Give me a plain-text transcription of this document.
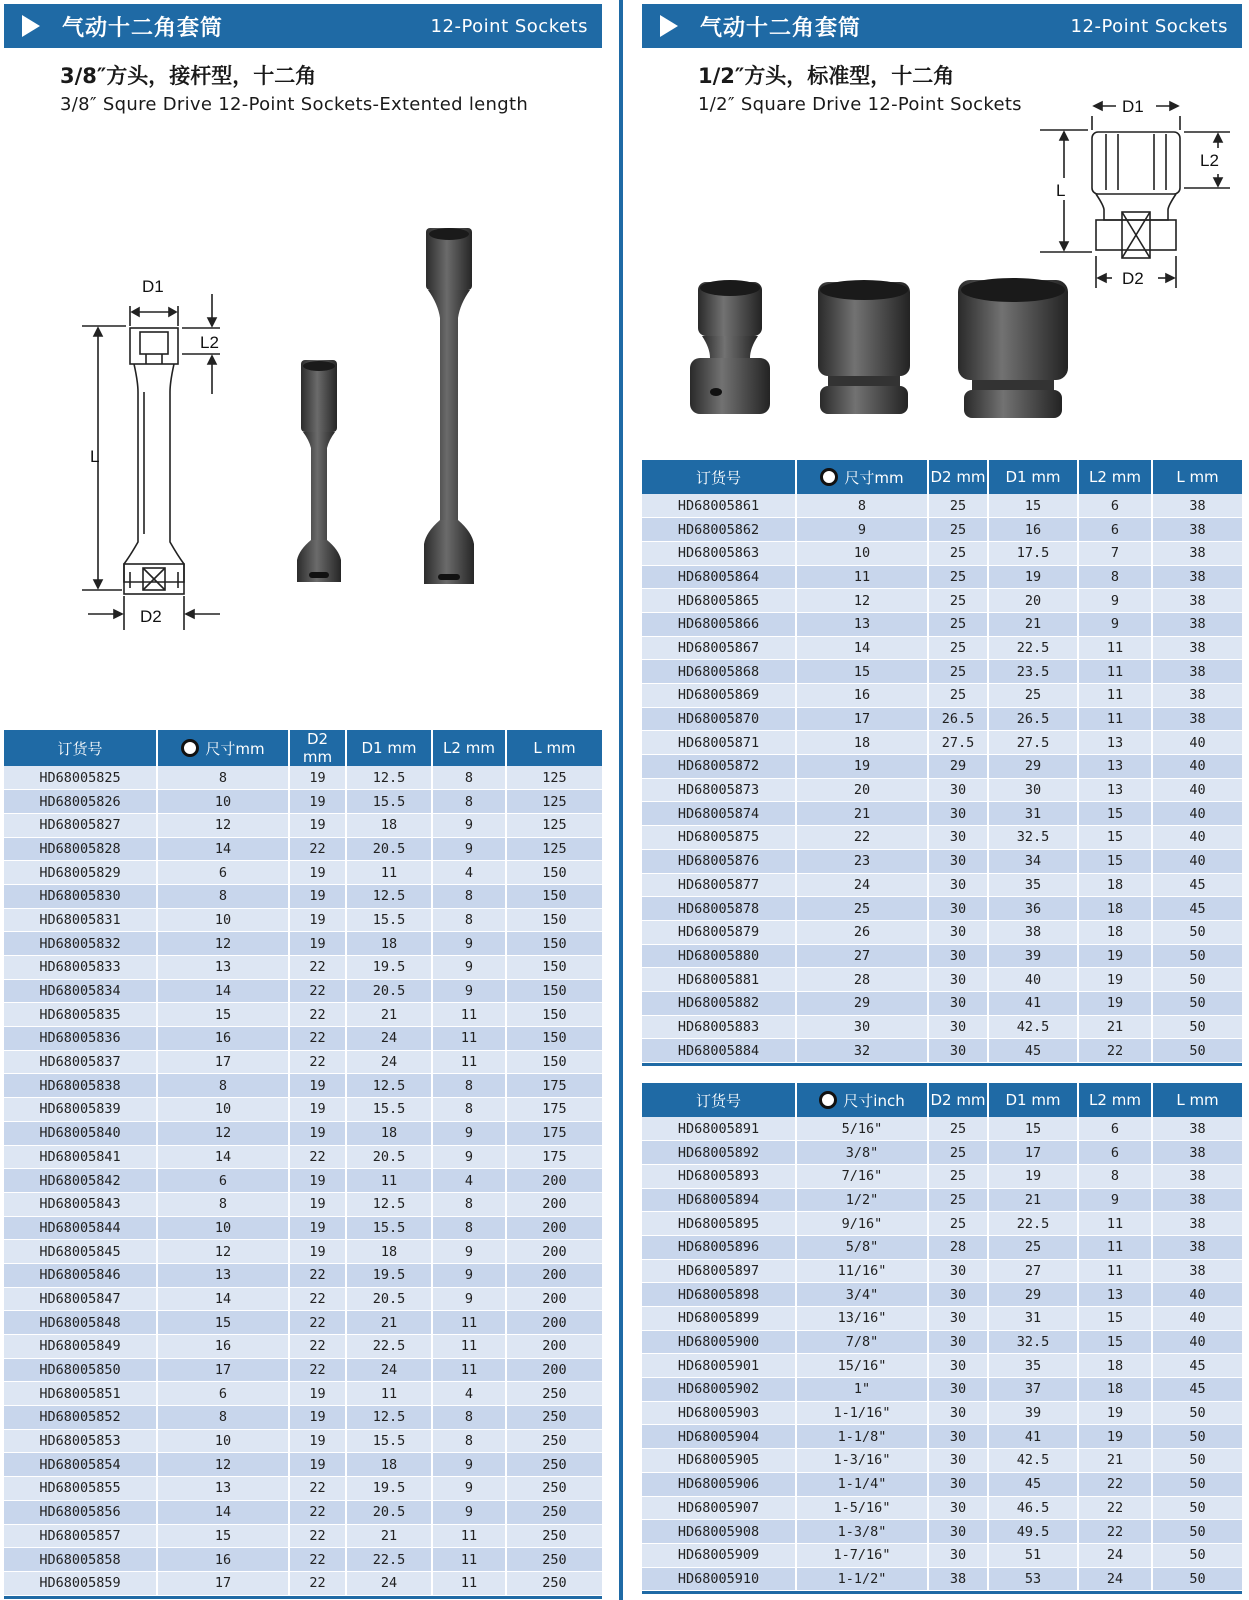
气动十二角套筒	12-Point Sockets
3/8″方头，接杆型，十二角
3/8″ Squre Drive 12-Point Sockets-Extented length
D1
L2
L
D2
订货号	尺寸mm	D2 mm	D1 mm	L2 mm	L mm
HD68005825	8	19	12.5	8	125
HD68005826	10	19	15.5	8	125
HD68005827	12	19	18	9	125
HD68005828	14	22	20.5	9	125
HD68005829	6	19	11	4	150
HD68005830	8	19	12.5	8	150
HD68005831	10	19	15.5	8	150
HD68005832	12	19	18	9	150
HD68005833	13	22	19.5	9	150
HD68005834	14	22	20.5	9	150
HD68005835	15	22	21	11	150
HD68005836	16	22	24	11	150
HD68005837	17	22	24	11	150
HD68005838	8	19	12.5	8	175
HD68005839	10	19	15.5	8	175
HD68005840	12	19	18	9	175
HD68005841	14	22	20.5	9	175
HD68005842	6	19	11	4	200
HD68005843	8	19	12.5	8	200
HD68005844	10	19	15.5	8	200
HD68005845	12	19	18	9	200
HD68005846	13	22	19.5	9	200
HD68005847	14	22	20.5	9	200
HD68005848	15	22	21	11	200
HD68005849	16	22	22.5	11	200
HD68005850	17	22	24	11	200
HD68005851	6	19	11	4	250
HD68005852	8	19	12.5	8	250
HD68005853	10	19	15.5	8	250
HD68005854	12	19	18	9	250
HD68005855	13	22	19.5	9	250
HD68005856	14	22	20.5	9	250
HD68005857	15	22	21	11	250
HD68005858	16	22	22.5	11	250
HD68005859	17	22	24	11	250
气动十二角套筒	12-Point Sockets
1/2″方头，标准型，十二角
1/2″ Square Drive 12-Point Sockets	D1
L2
L
D2
订货号	尺寸mm	D2 mm	D1 mm	L2 mm	L mm
HD68005861	8	25	15	6	38
HD68005862	9	25	16	6	38
HD68005863	10	25	17.5	7	38
HD68005864	11	25	19	8	38
HD68005865	12	25	20	9	38
HD68005866	13	25	21	9	38
HD68005867	14	25	22.5	11	38
HD68005868	15	25	23.5	11	38
HD68005869	16	25	25	11	38
HD68005870	17	26.5	26.5	11	38
HD68005871	18	27.5	27.5	13	40
HD68005872	19	29	29	13	40
HD68005873	20	30	30	13	40
HD68005874	21	30	31	15	40
HD68005875	22	30	32.5	15	40
HD68005876	23	30	34	15	40
HD68005877	24	30	35	18	45
HD68005878	25	30	36	18	45
HD68005879	26	30	38	18	50
HD68005880	27	30	39	19	50
HD68005881	28	30	40	19	50
HD68005882	29	30	41	19	50
HD68005883	30	30	42.5	21	50
HD68005884	32	30	45	22	50
订货号	尺寸inch	D2 mm	D1 mm	L2 mm	L mm
HD68005891	5/16"	25	15	6	38
HD68005892	3/8"	25	17	6	38
HD68005893	7/16"	25	19	8	38
HD68005894	1/2"	25	21	9	38
HD68005895	9/16"	25	22.5	11	38
HD68005896	5/8"	28	25	11	38
HD68005897	11/16"	30	27	11	38
HD68005898	3/4"	30	29	13	40
HD68005899	13/16"	30	31	15	40
HD68005900	7/8"	30	32.5	15	40
HD68005901	15/16"	30	35	18	45
HD68005902	1"	30	37	18	45
HD68005903	1-1/16"	30	39	19	50
HD68005904	1-1/8"	30	41	19	50
HD68005905	1-3/16"	30	42.5	21	50
HD68005906	1-1/4"	30	45	22	50
HD68005907	1-5/16"	30	46.5	22	50
HD68005908	1-3/8"	30	49.5	22	50
HD68005909	1-7/16"	30	51	24	50
HD68005910	1-1/2"	38	53	24	50
